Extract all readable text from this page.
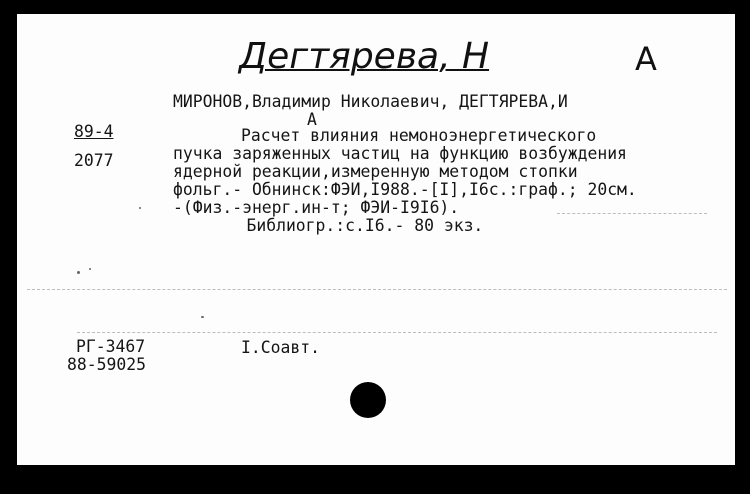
Дегтярева, Н	А
МИРОНОВ,Владимир Николаевич, ДЕГТЯРЕВА,И
А
89-4
2077
Расчет влияния немоноэнергетического
пучка заряженных частиц на функцию возбуждения
ядерной реакции,измеренную методом стопки
фольг.- Обнинск:ФЭИ,I988.-[I],I6с.:граф.; 20см.
-(Физ.-энерг.ин-т; ФЭИ-I9I6).
Библиогр.:с.I6.- 80 экз.
РГ-3467
88-59025
I.Соавт.
